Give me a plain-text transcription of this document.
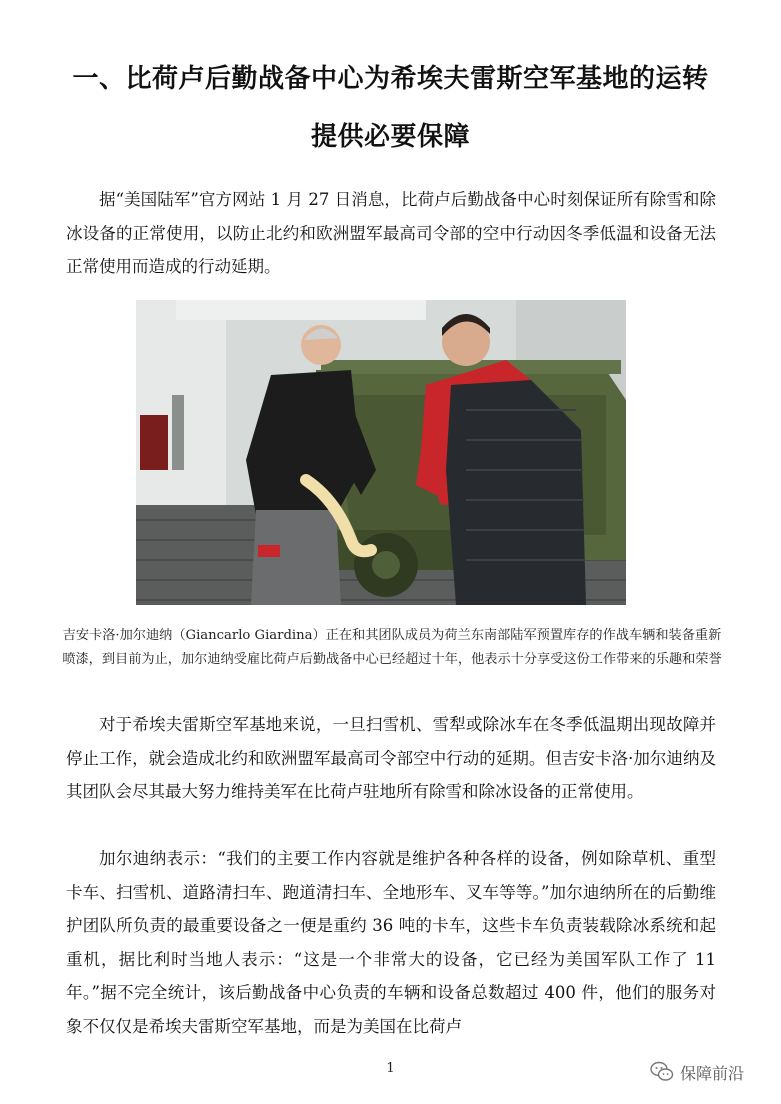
一、比荷卢后勤战备中心为希埃夫雷斯空军基地的运转
提供必要保障

据“美国陆军”官方网站 1 月 27 日消息，比荷卢后勤战备中心时刻保证所有除雪和除冰设备的正常使用，以防止北约和欧洲盟军最高司令部的空中行动因冬季低温和设备无法正常使用而造成的行动延期。

吉安卡洛·加尔迪纳（Giancarlo Giardina）正在和其团队成员为荷兰东南部陆军预置库存的作战车辆和装备重新喷漆，到目前为止，加尔迪纳受雇比荷卢后勤战备中心已经超过十年，他表示十分享受这份工作带来的乐趣和荣誉

对于希埃夫雷斯空军基地来说，一旦扫雪机、雪犁或除冰车在冬季低温期出现故障并停止工作，就会造成北约和欧洲盟军最高司令部空中行动的延期。但吉安卡洛·加尔迪纳及其团队会尽其最大努力维持美军在比荷卢驻地所有除雪和除冰设备的正常使用。

加尔迪纳表示：“我们的主要工作内容就是维护各种各样的设备，例如除草机、重型卡车、扫雪机、道路清扫车、跑道清扫车、全地形车、叉车等等。”加尔迪纳所在的后勤维护团队所负责的最重要设备之一便是重约 36 吨的卡车，这些卡车负责装载除冰系统和起重机，据比利时当地人表示：“这是一个非常大的设备，它已经为美国军队工作了 11 年。”据不完全统计，该后勤战备中心负责的车辆和设备总数超过 400 件，他们的服务对象不仅仅是希埃夫雷斯空军基地，而是为美国在比荷卢

1	保障前沿
